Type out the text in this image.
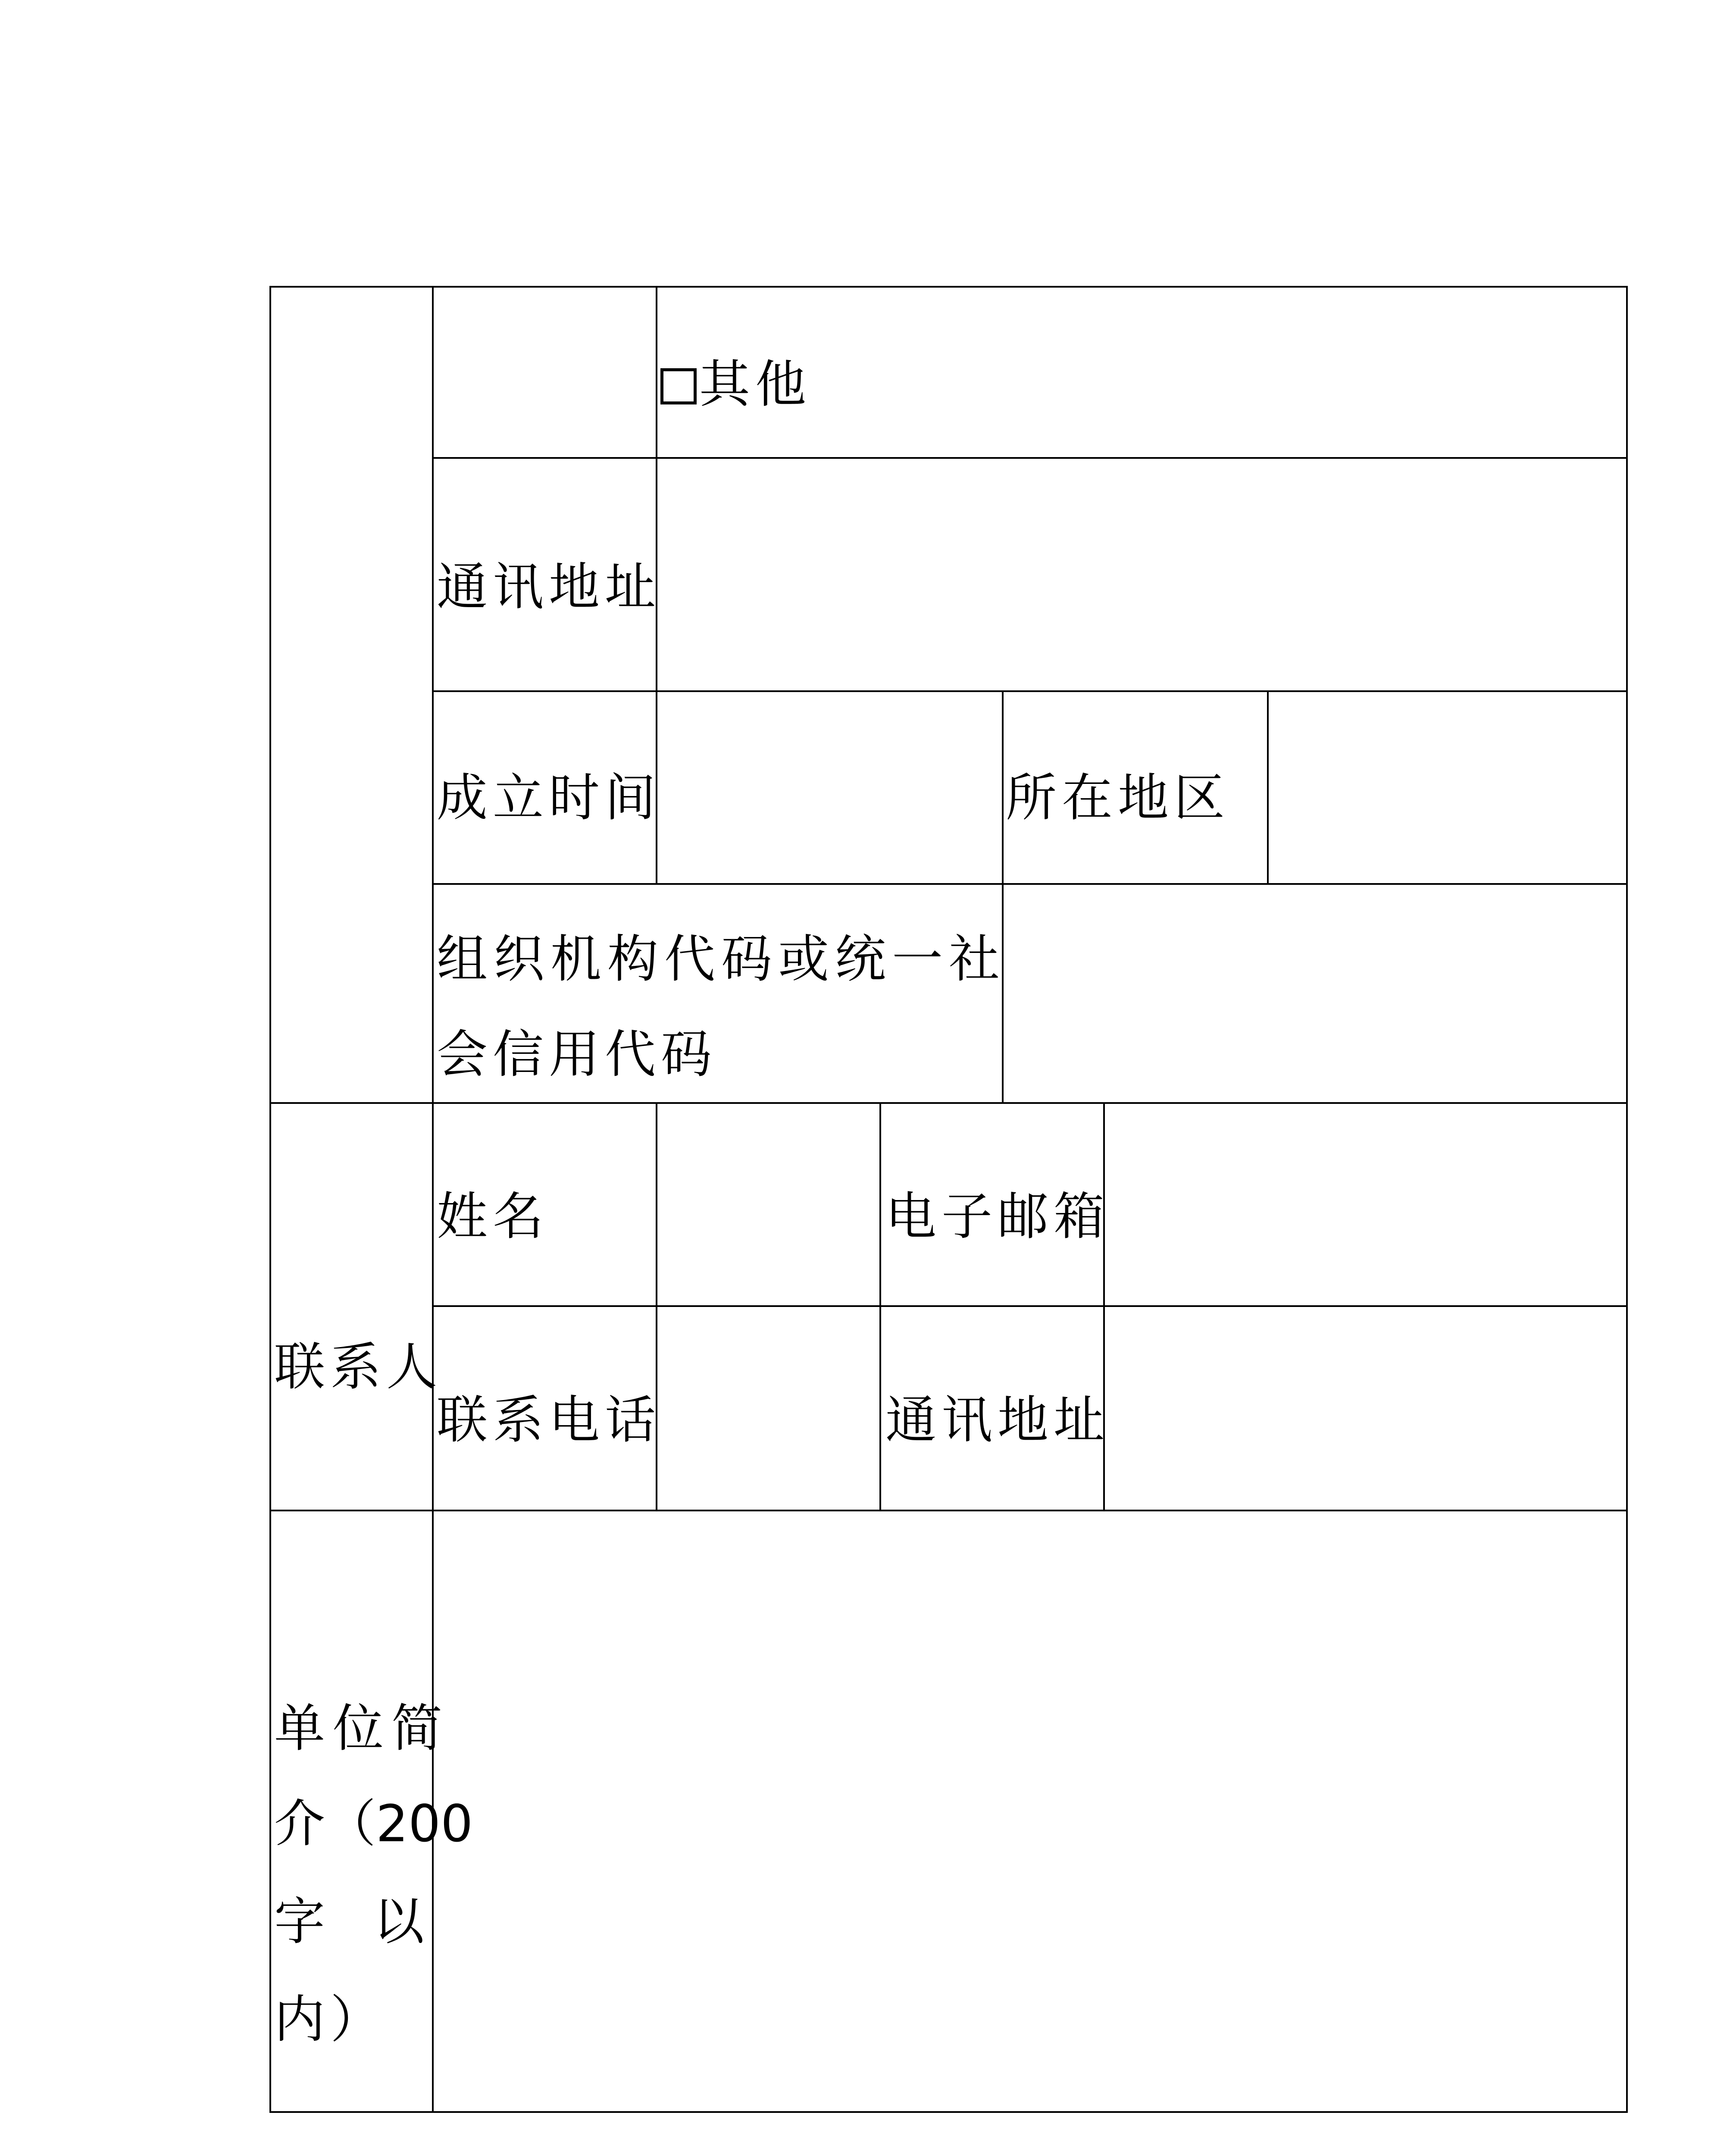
其他
通讯地址
成立时间	所在地区
组织机构代码或统一社
会信用代码
联系人
姓名	电子邮箱
联系电话	通讯地址
单位简
介（200
字 以
内）
